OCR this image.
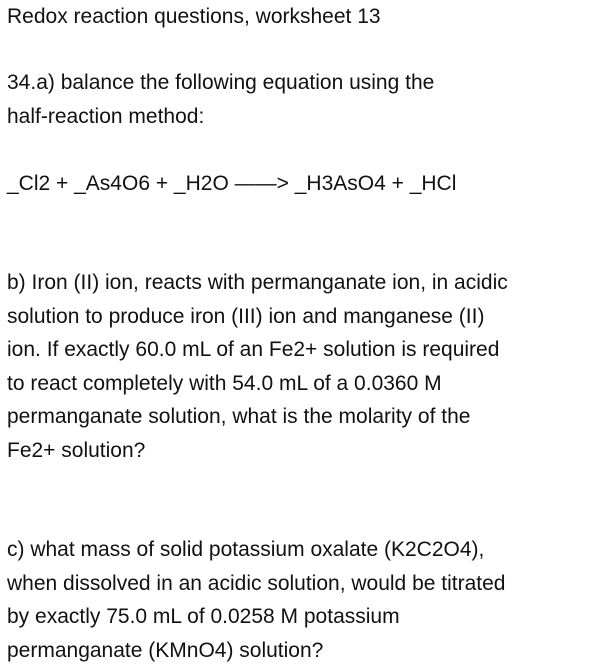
Redox reaction questions, worksheet 13
34.a) balance the following equation using the
half-reaction method:
_Cl2 + _As4O6 + _H2O ——> _H3AsO4 + _HCl
b) Iron (II) ion, reacts with permanganate ion, in acidic
solution to produce iron (III) ion and manganese (II)
ion. If exactly 60.0 mL of an Fe2+ solution is required
to react completely with 54.0 mL of a 0.0360 M
permanganate solution, what is the molarity of the
Fe2+ solution?
c) what mass of solid potassium oxalate (K2C2O4),
when dissolved in an acidic solution, would be titrated
by exactly 75.0 mL of 0.0258 M potassium
permanganate (KMnO4) solution?
